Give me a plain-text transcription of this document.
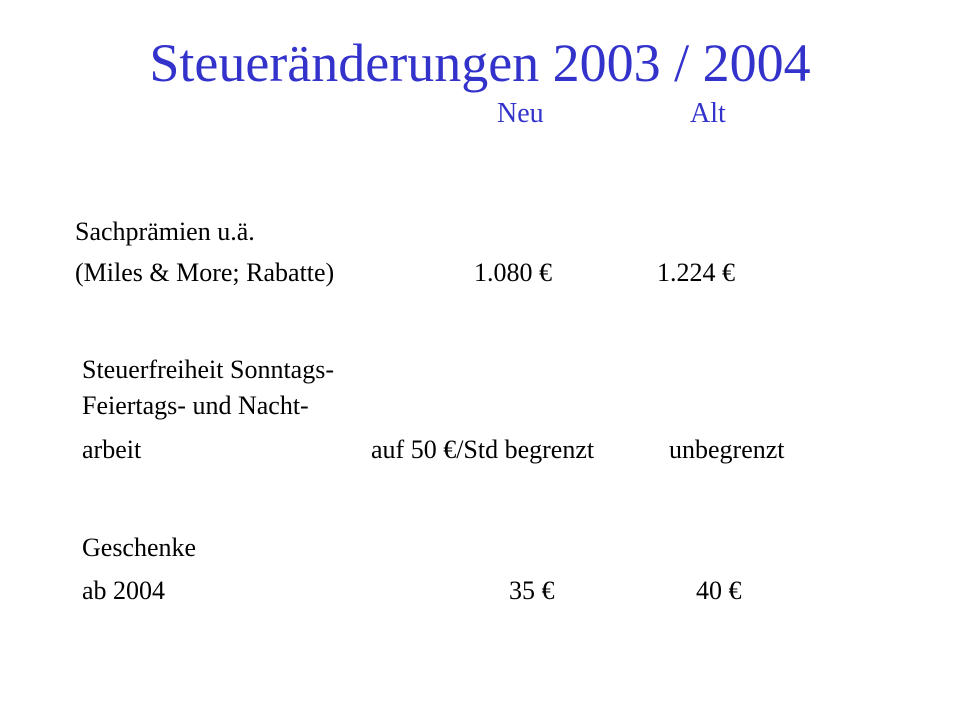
Steueränderungen 2003 / 2004
Neu	Alt
Sachprämien u.ä.
(Miles & More; Rabatte)	1.080 €	1.224 €
Steuerfreiheit Sonntags-
Feiertags- und Nacht-
arbeit	auf 50 €/Std begrenzt	unbegrenzt
Geschenke
ab 2004	35 €	40 €
